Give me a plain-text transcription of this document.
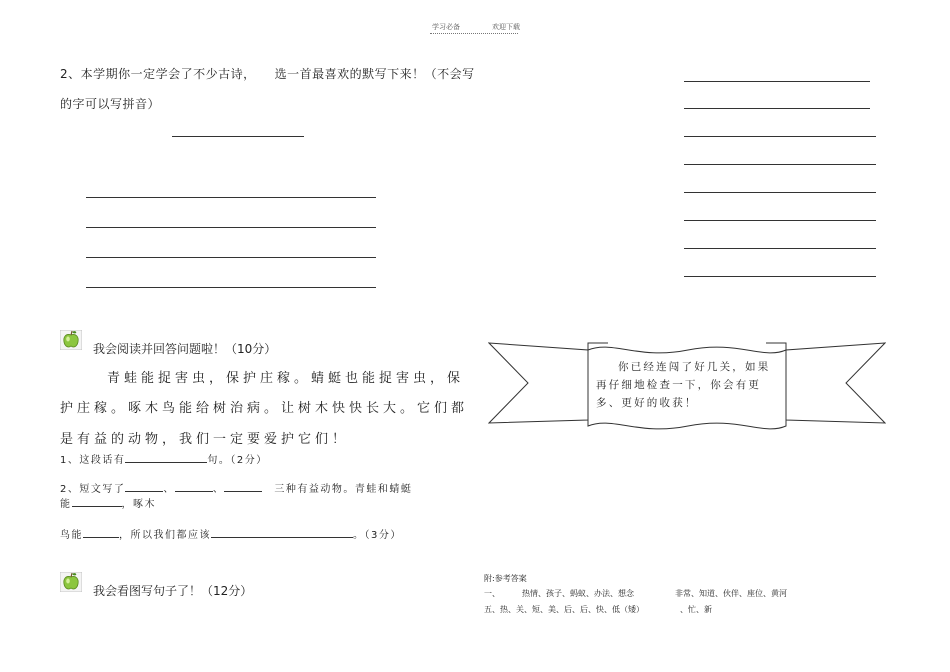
学习必备	欢迎下载
2、本学期你一定学会了不少古诗，　　选一首最喜欢的默写下来！（不会写
的字可以写拼音）
我会阅读并回答问题啦！（10分）
青蛙能捉害虫，保护庄稼。蜻蜓也能捉害虫，保
护庄稼。啄木鸟能给树治病。让树木快快长大。它们都
是有益的动物，我们一定要爱护它们！
1、这段话有	句。（2分）
2、短文写了	、	、	三种有益动物。青蛙和蜻蜓
能	，啄木
鸟能	，所以我们都应该	。（3分）
我会看图写句子了！（12分）
你已经连闯了好几关，如果再仔细地检查一下，你会有更多、更好的收获！
附:参考答案
一、	热情、孩子、蚂蚁、办法、想念	非常、知道、伙伴、座位、黄河
五、热、关、短、美、后、后、快、低（矮）	、忙、新
